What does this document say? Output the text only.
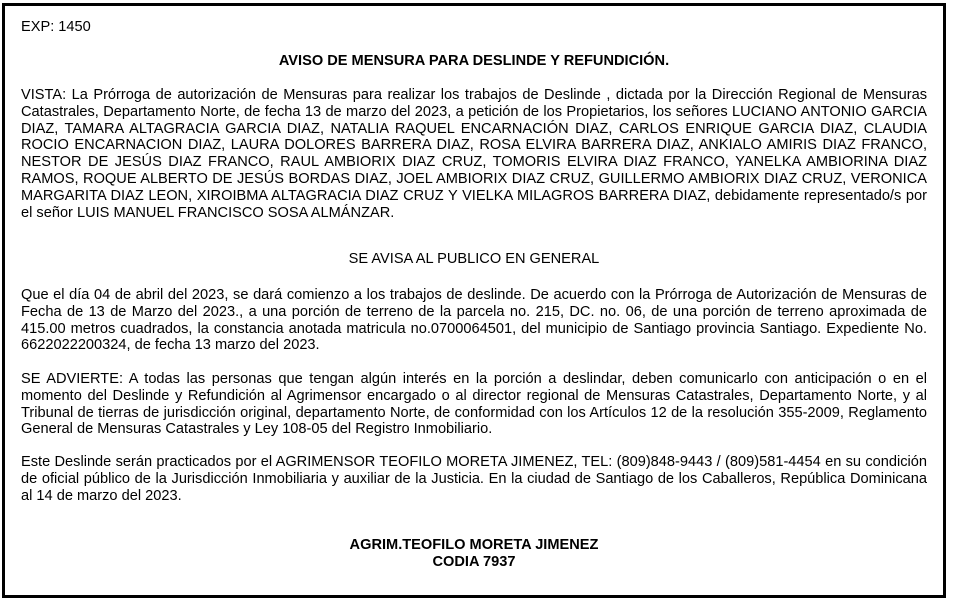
EXP: 1450
AVISO DE MENSURA PARA DESLINDE Y REFUNDICIÓN.
VISTA: La Prórroga de autorización de Mensuras para realizar los trabajos de Deslinde , dictada por la Dirección Regional de Mensuras Catastrales, Departamento Norte, de fecha 13 de marzo del 2023, a petición de los Propietarios, los señores LUCIANO ANTONIO GARCIA DIAZ, TAMARA ALTAGRACIA GARCIA DIAZ, NATALIA RAQUEL ENCARNACIÓN DIAZ, CARLOS ENRIQUE GARCIA DIAZ, CLAUDIA ROCIO ENCARNACION DIAZ, LAURA DOLORES BARRERA DIAZ, ROSA ELVIRA BARRERA DIAZ, ANKIALO AMIRIS DIAZ FRANCO, NESTOR DE JESÚS DIAZ FRANCO, RAUL AMBIORIX DIAZ CRUZ, TOMORIS ELVIRA DIAZ FRANCO, YANELKA AMBIORINA DIAZ RAMOS, ROQUE ALBERTO DE JESÚS BORDAS DIAZ, JOEL AMBIORIX DIAZ CRUZ, GUILLERMO AMBIORIX DIAZ CRUZ, VERONICA MARGARITA DIAZ LEON, XIROIBMA ALTAGRACIA DIAZ CRUZ Y VIELKA MILAGROS BARRERA DIAZ, debidamente representado/s por el señor LUIS MANUEL FRANCISCO SOSA ALMÁNZAR.
SE AVISA AL PUBLICO EN GENERAL
Que el día 04 de abril del 2023, se dará comienzo a los trabajos de deslinde. De acuerdo con la Prórroga de Autorización de Mensuras de Fecha de 13 de Marzo del 2023., a una porción de terreno de la parcela no. 215, DC. no. 06, de una porción de terreno aproximada de 415.00 metros cuadrados, la constancia anotada matricula no.0700064501, del municipio de Santiago provincia Santiago. Expediente No. 6622022200324, de fecha 13 marzo del 2023.
SE ADVIERTE: A todas las personas que tengan algún interés en la porción a deslindar, deben comunicarlo con anticipación o en el momento del Deslinde y Refundición al Agrimensor encargado o al director regional de Mensuras Catastrales, Departamento Norte, y al Tribunal de tierras de jurisdicción original, departamento Norte, de conformidad con los Artículos 12 de la resolución 355-2009, Reglamento General de Mensuras Catastrales y Ley 108-05 del Registro Inmobiliario.
Este Deslinde serán practicados por el AGRIMENSOR TEOFILO MORETA JIMENEZ, TEL: (809)848-9443 / (809)581-4454 en su condición de oficial público de la Jurisdicción Inmobiliaria y auxiliar de la Justicia. En la ciudad de Santiago de los Caballeros, República Dominicana al 14 de marzo del 2023.
AGRIM.TEOFILO MORETA JIMENEZ
CODIA 7937
